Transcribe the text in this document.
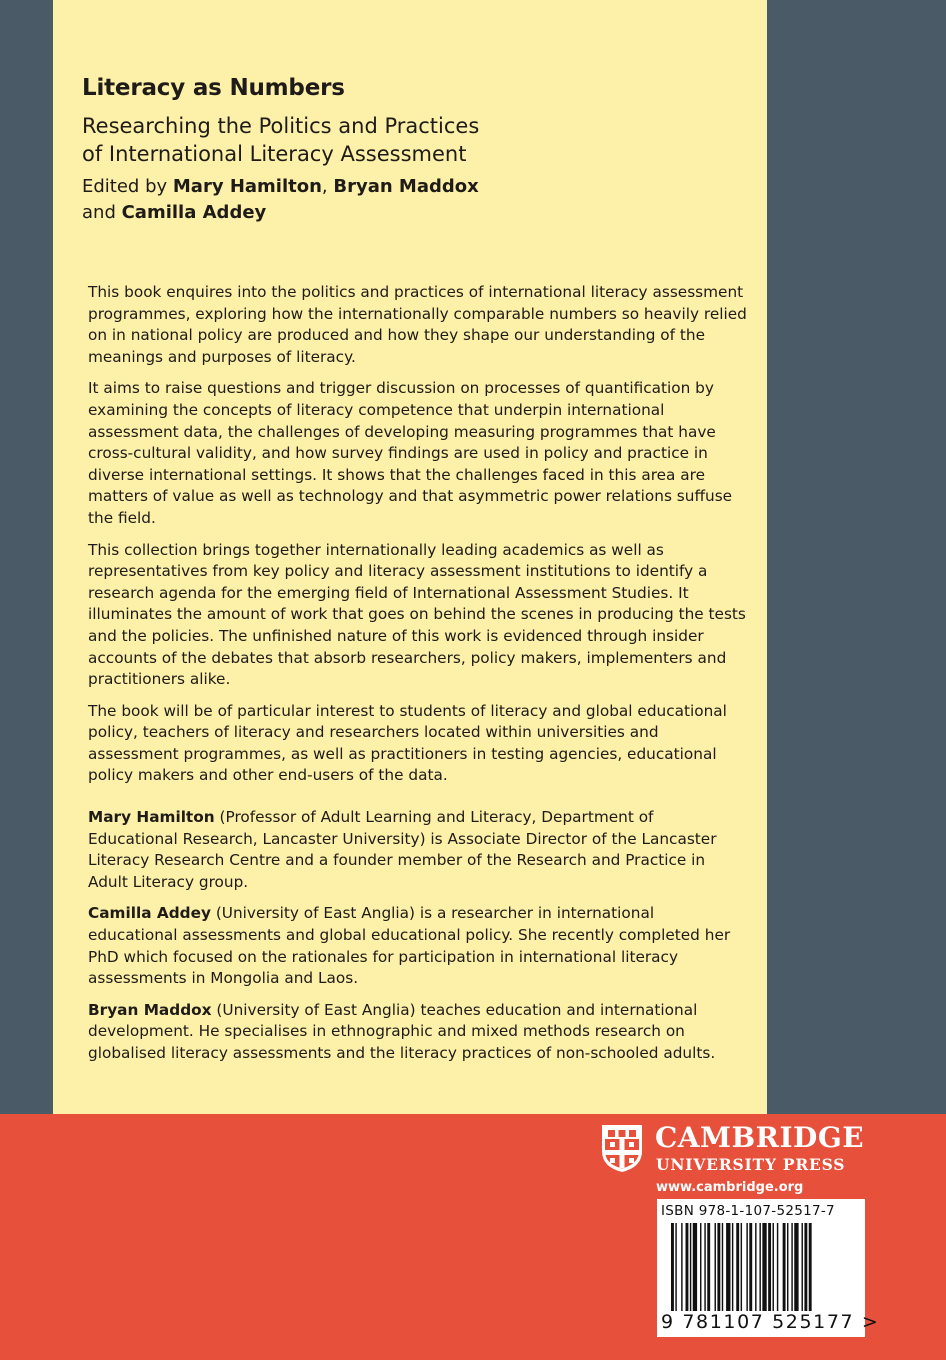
Literacy as Numbers
Researching the Politics and Practices
of International Literacy Assessment

Edited by Mary Hamilton, Bryan Maddox
and Camilla Addey

This book enquires into the politics and practices of international literacy assessment programmes, exploring how the internationally comparable numbers so heavily relied on in national policy are produced and how they shape our understanding of the meanings and purposes of literacy.

It aims to raise questions and trigger discussion on processes of quantification by examining the concepts of literacy competence that underpin international assessment data, the challenges of developing measuring programmes that have cross-cultural validity, and how survey findings are used in policy and practice in diverse international settings. It shows that the challenges faced in this area are matters of value as well as technology and that asymmetric power relations suffuse the field.

This collection brings together internationally leading academics as well as representatives from key policy and literacy assessment institutions to identify a research agenda for the emerging field of International Assessment Studies. It illuminates the amount of work that goes on behind the scenes in producing the tests and the policies. The unfinished nature of this work is evidenced through insider accounts of the debates that absorb researchers, policy makers, implementers and practitioners alike.

The book will be of particular interest to students of literacy and global educational policy, teachers of literacy and researchers located within universities and assessment programmes, as well as practitioners in testing agencies, educational policy makers and other end-users of the data.

Mary Hamilton (Professor of Adult Learning and Literacy, Department of Educational Research, Lancaster University) is Associate Director of the Lancaster Literacy Research Centre and a founder member of the Research and Practice in Adult Literacy group.

Camilla Addey (University of East Anglia) is a researcher in international educational assessments and global educational policy. She recently completed her PhD which focused on the rationales for participation in international literacy assessments in Mongolia and Laos.

Bryan Maddox (University of East Anglia) teaches education and international development. He specialises in ethnographic and mixed methods research on globalised literacy assessments and the literacy practices of non-schooled adults.

CAMBRIDGE
UNIVERSITY PRESS
www.cambridge.org
ISBN 978-1-107-52517-7
9 781107 525177 >
